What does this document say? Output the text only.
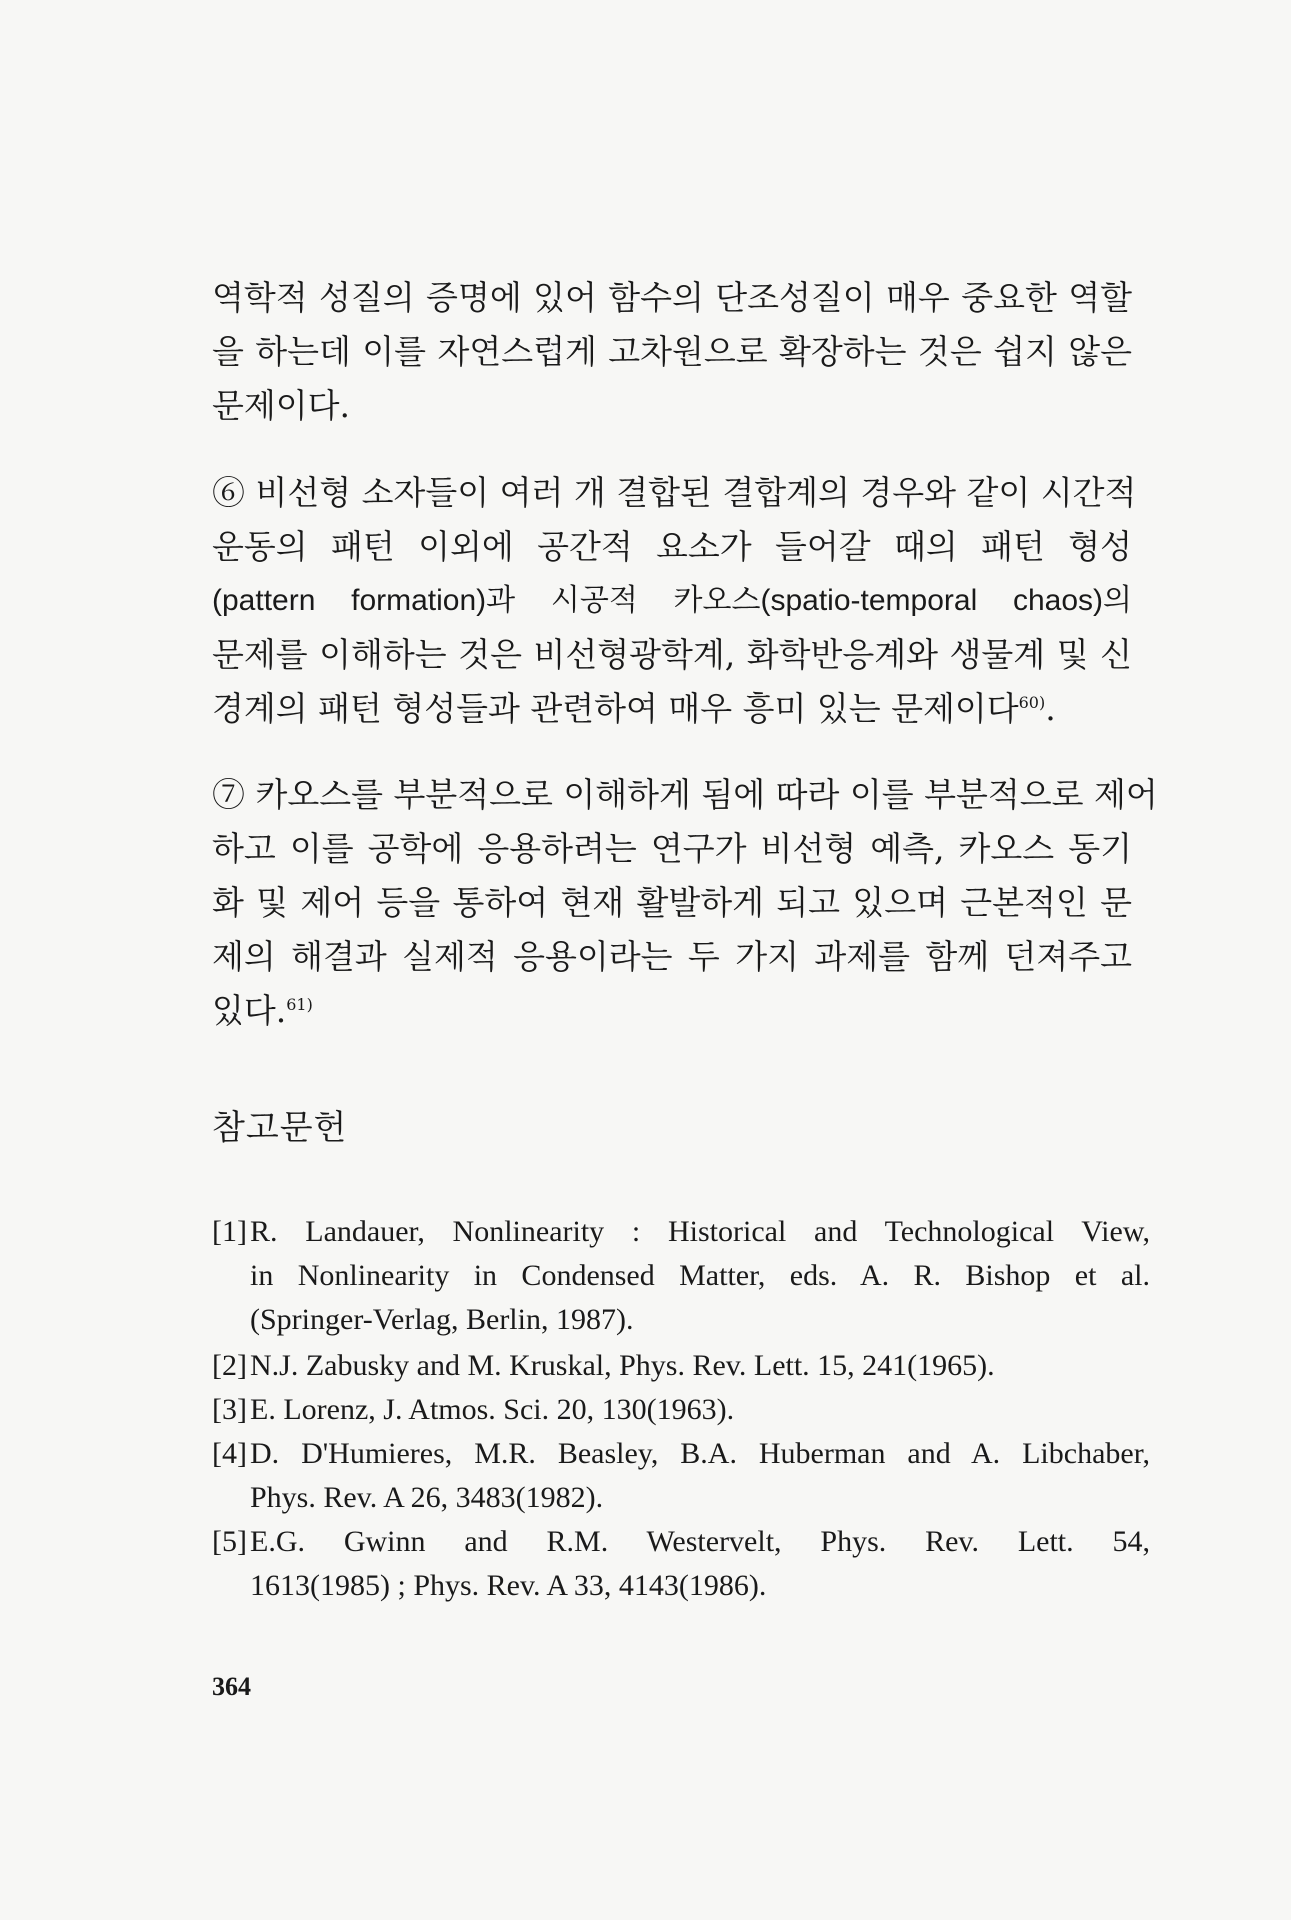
역학적 성질의 증명에 있어 함수의 단조성질이 매우 중요한 역할
을 하는데 이를 자연스럽게 고차원으로 확장하는 것은 쉽지 않은
문제이다.
⑥ 비선형 소자들이 여러 개 결합된 결합계의 경우와 같이 시간적
운동의 패턴 이외에 공간적 요소가 들어갈 때의 패턴 형성
(pattern formation)과 시공적 카오스(spatio-temporal chaos)의
문제를 이해하는 것은 비선형광학계, 화학반응계와 생물계 및 신
경계의 패턴 형성들과 관련하여 매우 흥미 있는 문제이다$^{60)}$.
⑦ 카오스를 부분적으로 이해하게 됨에 따라 이를 부분적으로 제어
하고 이를 공학에 응용하려는 연구가 비선형 예측, 카오스 동기
화 및 제어 등을 통하여 현재 활발하게 되고 있으며 근본적인 문
제의 해결과 실제적 응용이라는 두 가지 과제를 함께 던져주고
있다.$^{61)}$
참고문헌
[1] R. Landauer, Nonlinearity : Historical and Technological View,
in Nonlinearity in Condensed Matter, eds. A. R. Bishop et al.
(Springer-Verlag, Berlin, 1987).
[2] N.J. Zabusky and M. Kruskal, Phys. Rev. Lett. 15, 241(1965).
[3] E. Lorenz, J. Atmos. Sci. 20, 130(1963).
[4] D. D'Humieres, M.R. Beasley, B.A. Huberman and A. Libchaber,
Phys. Rev. A 26, 3483(1982).
[5] E.G. Gwinn and R.M. Westervelt, Phys. Rev. Lett. 54,
1613(1985) ; Phys. Rev. A 33, 4143(1986).
364
